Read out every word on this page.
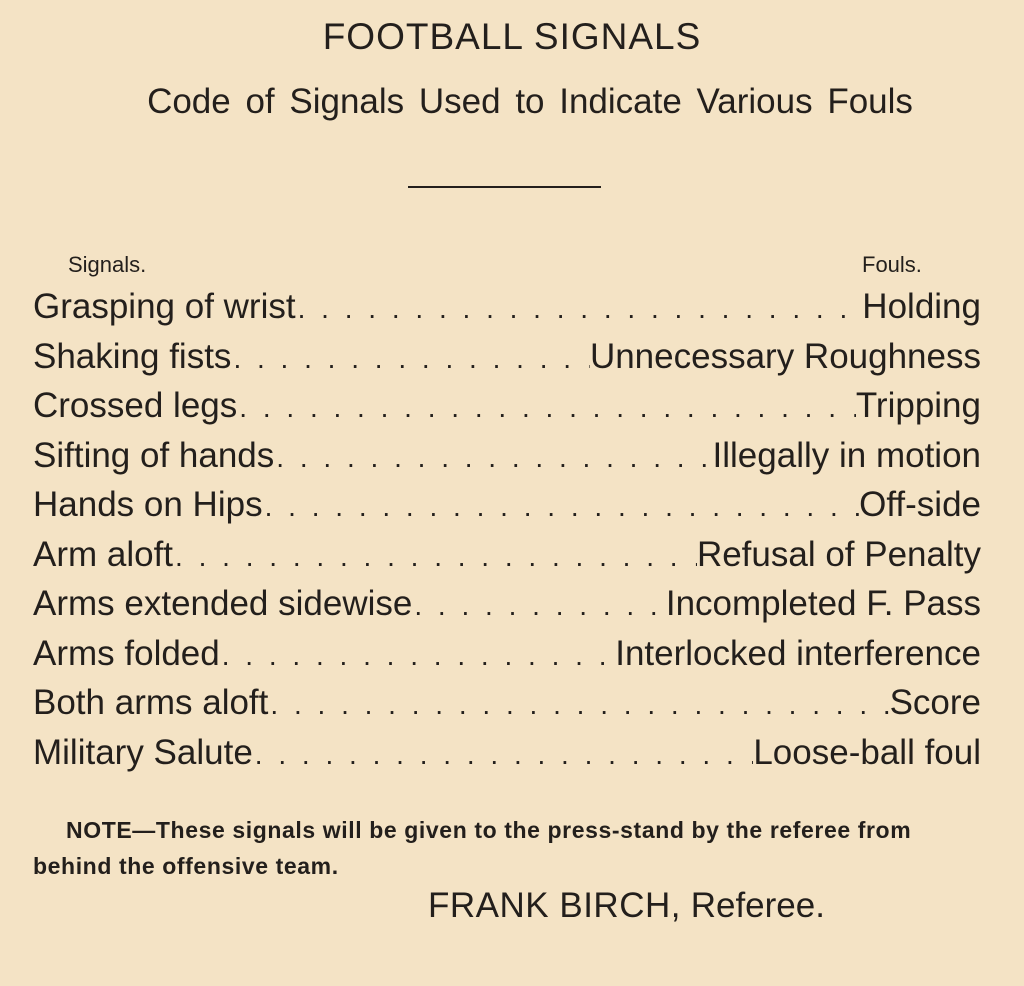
FOOTBALL SIGNALS
Code of Signals Used to Indicate Various Fouls
Signals.	Fouls.
Grasping of wrist . . .	Holding
Shaking fists . . .	Unnecessary Roughness
Crossed legs . . .	Tripping
Sifting of hands . . .	Illegally in motion
Hands on Hips . . .	Off-side
Arm aloft . . .	Refusal of Penalty
Arms extended sidewise . . .	Incompleted F. Pass
Arms folded . . .	Interlocked interference
Both arms aloft . . .	Score
Military Salute . . .	Loose-ball foul
NOTE—These signals will be given to the press-stand by the referee from behind the offensive team.
FRANK BIRCH, Referee.
